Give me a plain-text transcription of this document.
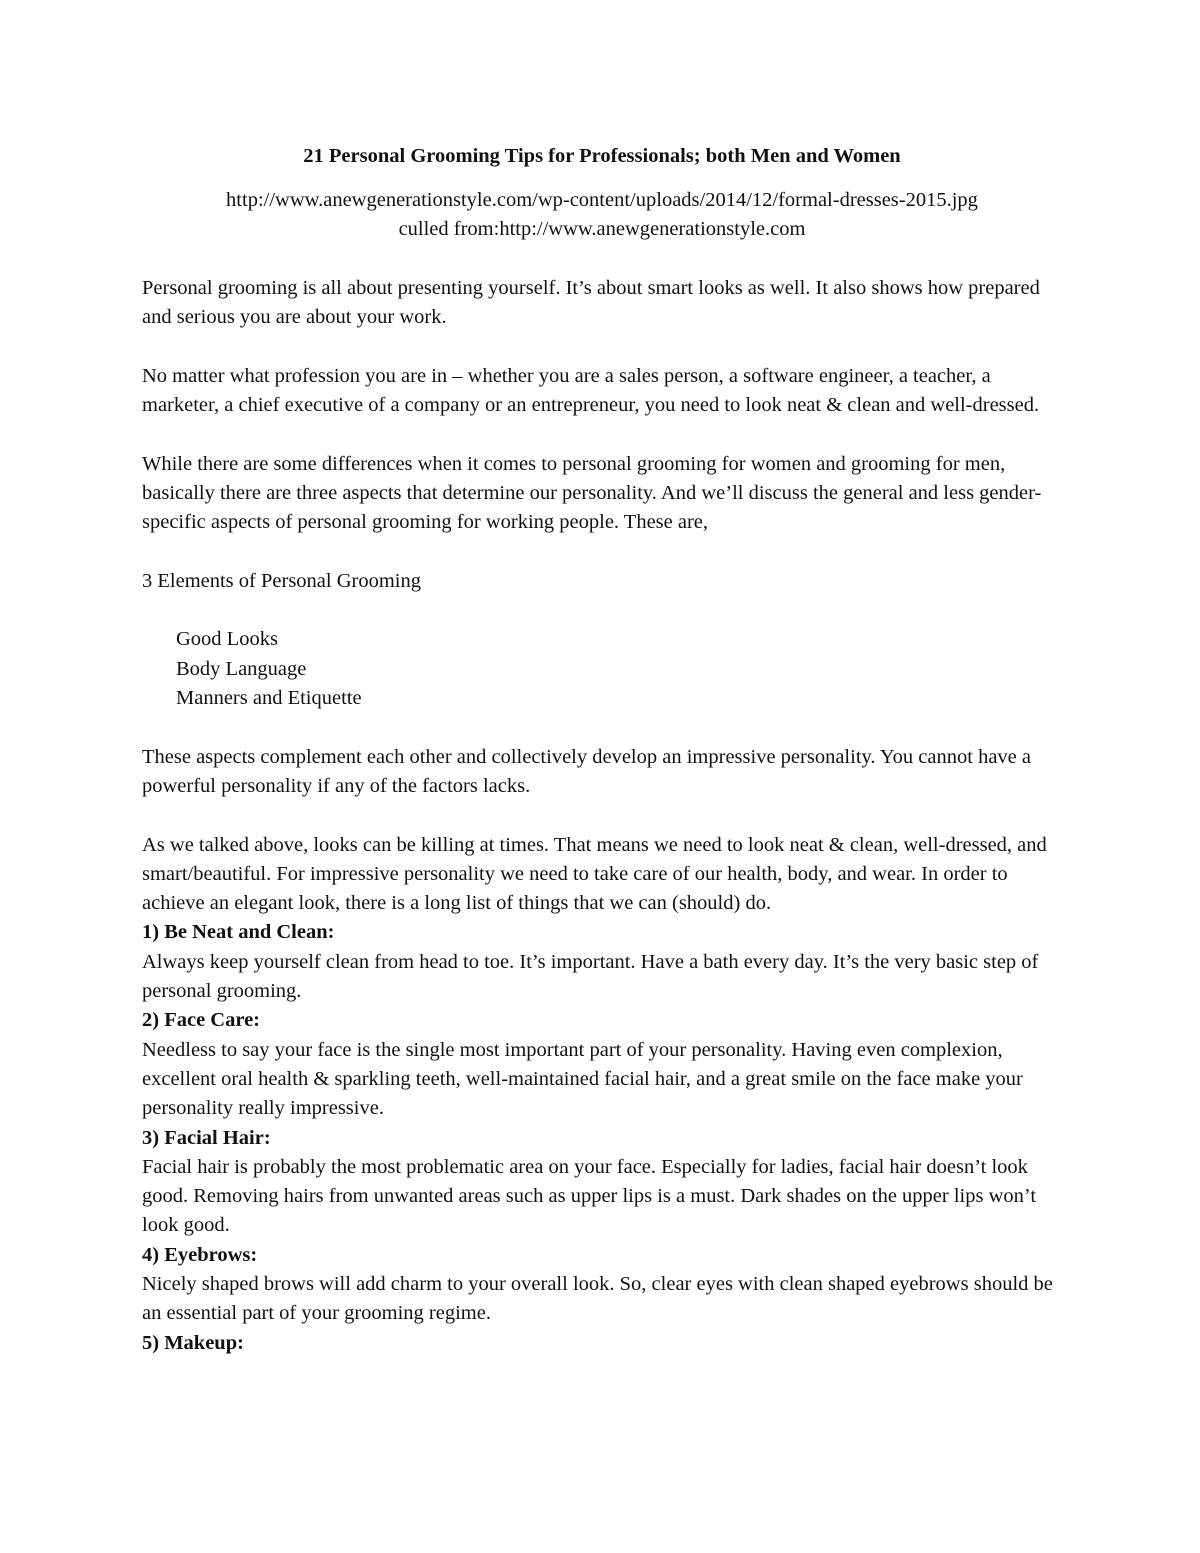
21 Personal Grooming Tips for Professionals; both Men and Women

http://www.anewgenerationstyle.com/wp-content/uploads/2014/12/formal-dresses-2015.jpg

culled from:http://www.anewgenerationstyle.com

Personal grooming is all about presenting yourself. It’s about smart looks as well. It also shows how prepared and serious you are about your work.

No matter what profession you are in – whether you are a sales person, a software engineer, a teacher, a marketer, a chief executive of a company or an entrepreneur, you need to look neat & clean and well-dressed.

While there are some differences when it comes to personal grooming for women and grooming for men, basically there are three aspects that determine our personality. And we’ll discuss the general and less gender-specific aspects of personal grooming for working people. These are,

3 Elements of Personal Grooming

Good Looks
Body Language
Manners and Etiquette

These aspects complement each other and collectively develop an impressive personality. You cannot have a powerful personality if any of the factors lacks.

As we talked above, looks can be killing at times. That means we need to look neat & clean, well-dressed, and smart/beautiful. For impressive personality we need to take care of our health, body, and wear. In order to achieve an elegant look, there is a long list of things that we can (should) do.

1) Be Neat and Clean:

Always keep yourself clean from head to toe. It’s important. Have a bath every day. It’s the very basic step of personal grooming.

2) Face Care:

Needless to say your face is the single most important part of your personality. Having even complexion, excellent oral health & sparkling teeth, well-maintained facial hair, and a great smile on the face make your personality really impressive.

3) Facial Hair:

Facial hair is probably the most problematic area on your face. Especially for ladies, facial hair doesn’t look good. Removing hairs from unwanted areas such as upper lips is a must. Dark shades on the upper lips won’t look good.

4) Eyebrows:

Nicely shaped brows will add charm to your overall look. So, clear eyes with clean shaped eyebrows should be an essential part of your grooming regime.

5) Makeup:
